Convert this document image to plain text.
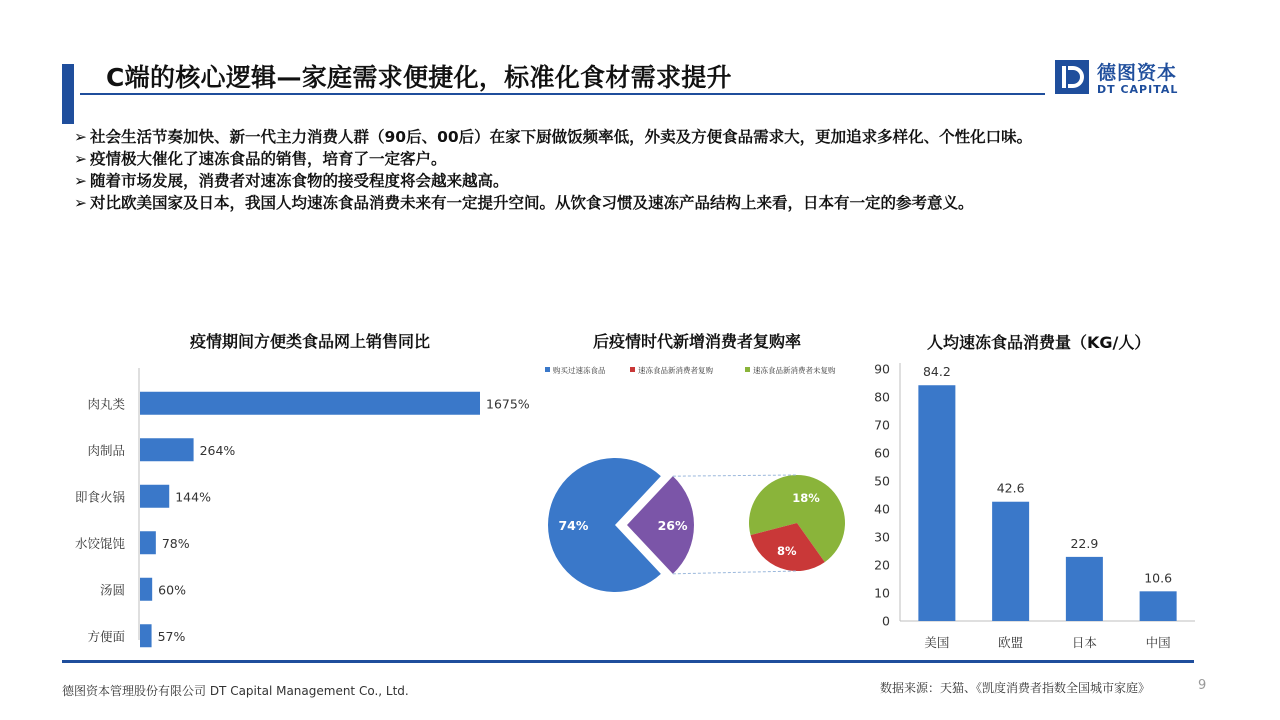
C端的核心逻辑—家庭需求便捷化，标准化食材需求提升	德图资本
DT CAPITAL
➢ 社会生活节奏加快、新一代主力消费人群（90后、00后）在家下厨做饭频率低，外卖及方便食品需求大，更加追求多样化、个性化口味。
➢ 疫情极大催化了速冻食品的销售，培育了一定客户。
➢ 随着市场发展，消费者对速冻食物的接受程度将会越来越高。
➢ 对比欧美国家及日本，我国人均速冻食品消费未来有一定提升空间。从饮食习惯及速冻产品结构上来看，日本有一定的参考意义。
疫情期间方便类食品网上销售同比	后疫情时代新增消费者复购率	人均速冻食品消费量（KG/人）
肉丸类	1675%
肉制品	264%
即食火锅	144%
水饺馄饨	78%
汤圆	60%
方便面	57%
购买过速冻食品	速冻食品新消费者复购	速冻食品新消费者未复购
74%	26%
18%
8%
0
10
20
30
40
50
60
70
80
90	84.2
美国
42.6
欧盟
22.9
日本
10.6
中国
德图资本管理股份有限公司 DT Capital Management Co., Ltd.	数据来源：天猫、《凯度消费者指数全国城市家庭》	9
